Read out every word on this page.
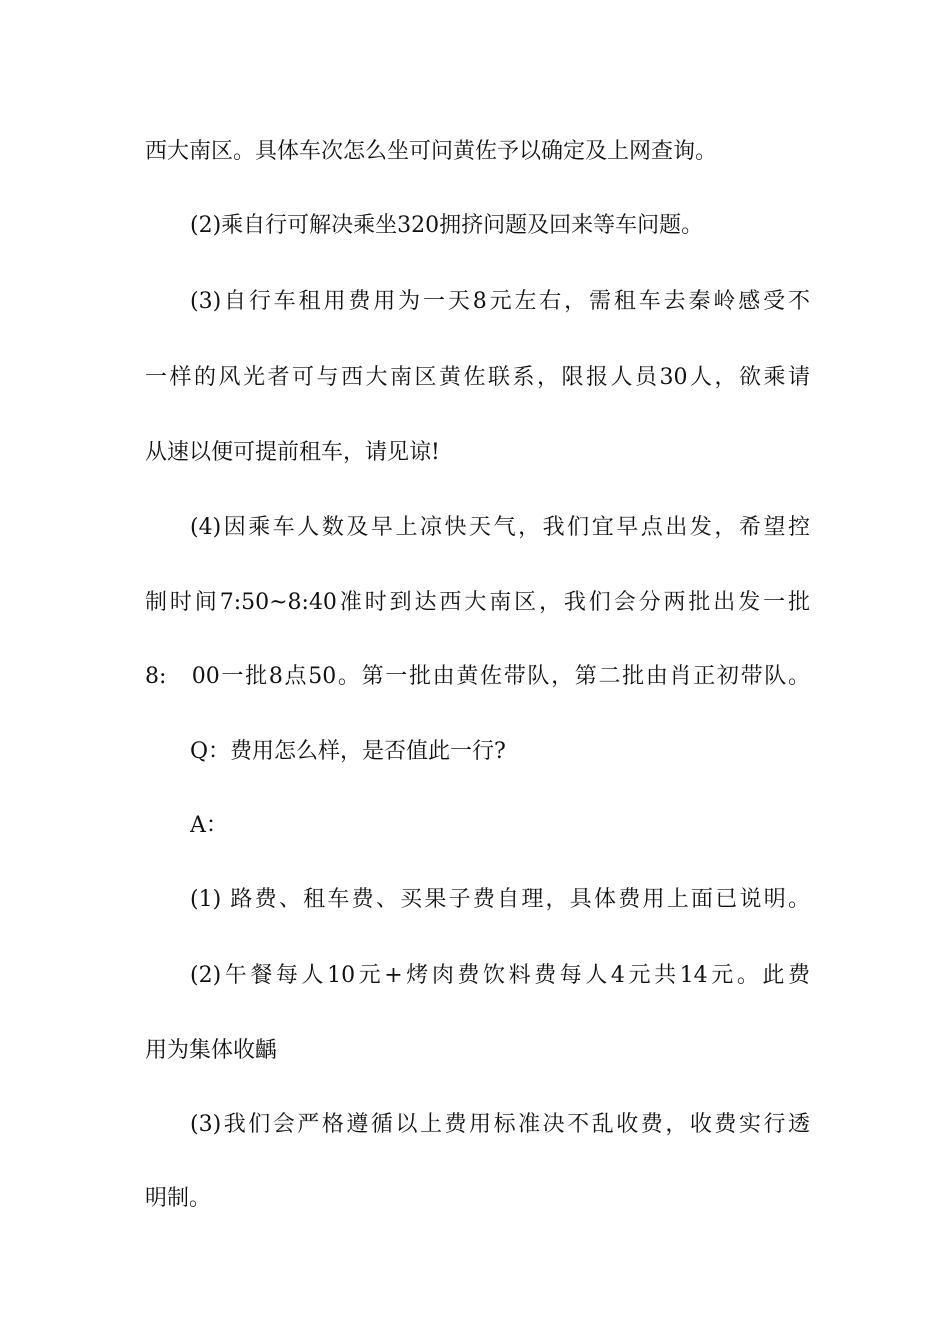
西大南区。具体车次怎么坐可问黄佐予以确定及上网查询。
(2)乘自行可解决乘坐320拥挤问题及回来等车问题。
(3)自行车租用费用为一天8元左右，需租车去秦岭感受不
一样的风光者可与西大南区黄佐联系，限报人员30人，欲乘请
从速以便可提前租车，请见谅!
(4)因乘车人数及早上凉快天气，我们宜早点出发，希望控
制时间7:50~8:40准时到达西大南区，我们会分两批出发一批
8:　00一批8点50。第一批由黄佐带队，第二批由肖正初带队。
Q：费用怎么样，是否值此一行?
A：
(1) 路费、租车费、买果子费自理，具体费用上面已说明。
(2)午餐每人10元+烤肉费饮料费每人4元共14元。此费
用为集体收齲
(3)我们会严格遵循以上费用标准决不乱收费，收费实行透
明制。
